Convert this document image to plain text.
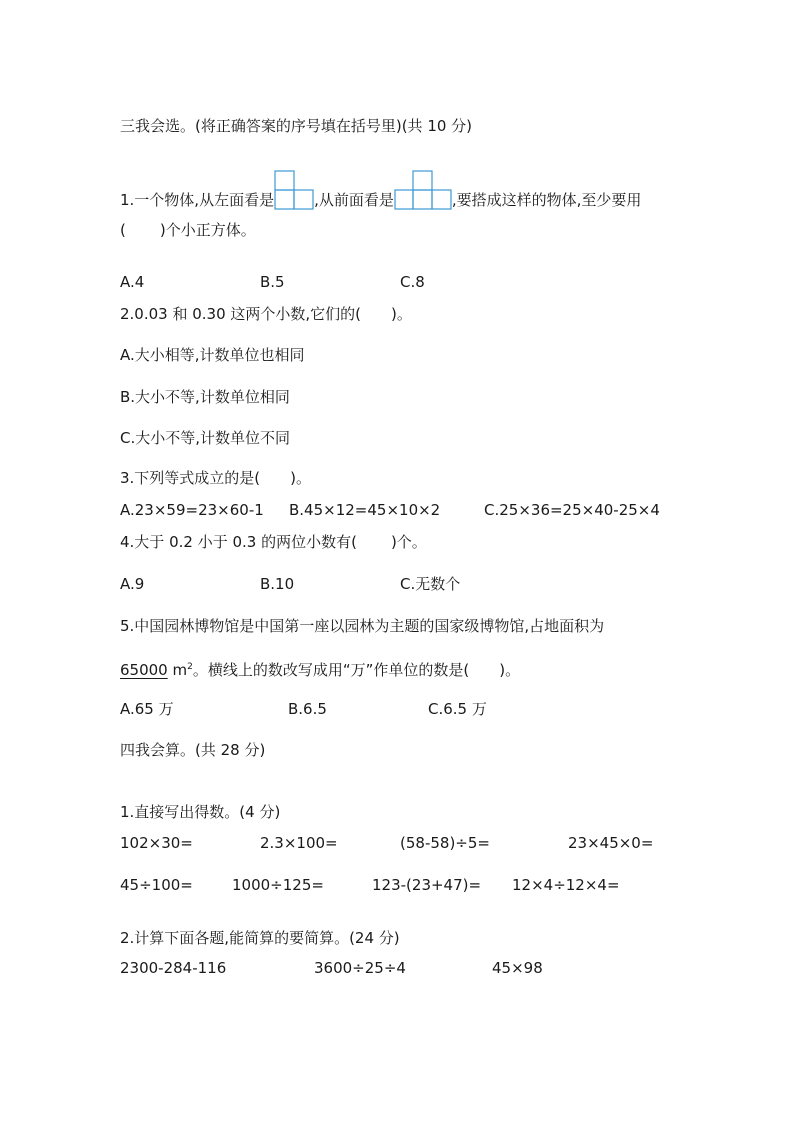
三我会选。(将正确答案的序号填在括号里)(共 10 分)
1.一个物体,从左面看是	,从前面看是	,要搭成这样的物体,至少要用
( )个小正方体。
A.4	B.5	C.8
2.0.03 和 0.30 这两个小数,它们的( )。
A.大小相等,计数单位也相同
B.大小不等,计数单位相同
C.大小不等,计数单位不同
3.下列等式成立的是( )。
A.23×59=23×60-1 B.45×12=45×10×2	C.25×36=25×40-25×4
4.大于 0.2 小于 0.3 的两位小数有( )个。
A.9	B.10	C.无数个
5.中国园林博物馆是中国第一座以园林为主题的国家级博物馆,占地面积为
65000 $m^2$。横线上的数改写成用“万”作单位的数是( )。
A.65 万	B.6.5	C.6.5 万
四我会算。(共 28 分)
1.直接写出得数。(4 分)
102×30=	2.3×100=	(58-58)÷5=	23×45×0=
45÷100=	1000÷125=	123-(23+47)= 12×4÷12×4=
2.计算下面各题,能简算的要简算。(24 分)
2300-284-116	3600÷25÷4	45×98
